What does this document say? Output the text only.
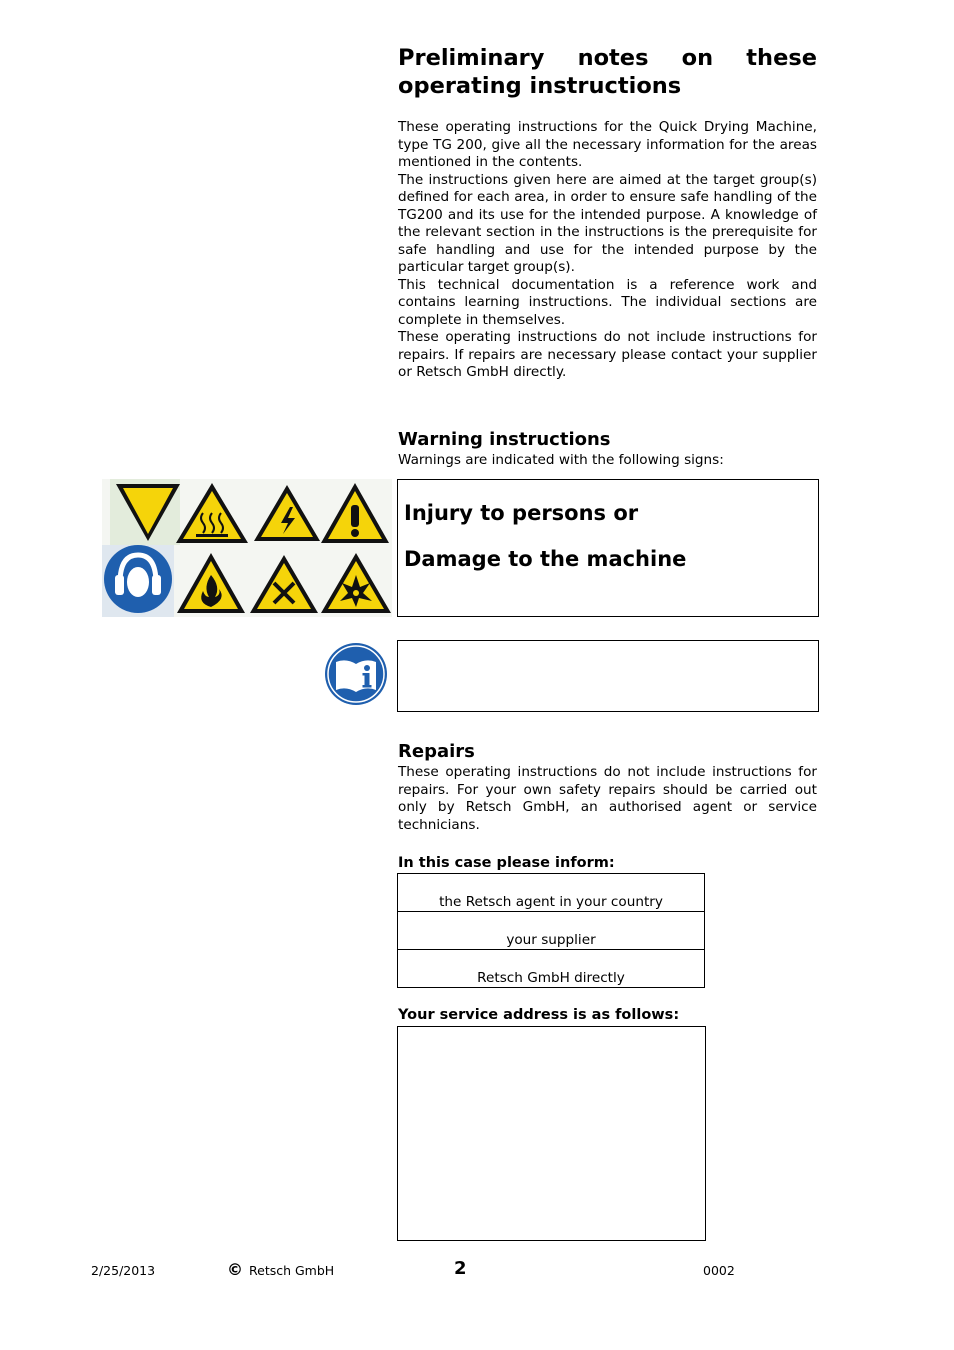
Preliminary notes on these
operating instructions

These operating instructions for the Quick Drying Machine, type TG 200, give all the necessary information for the areas mentioned in the contents.

The instructions given here are aimed at the target group(s) defined for each area, in order to ensure safe handling of the TG200 and its use for the intended purpose. A knowledge of the relevant section in the instructions is the prerequisite for safe handling and use for the intended purpose by the particular target group(s).

This technical documentation is a reference work and contains learning instructions. The individual sections are complete in themselves.

These operating instructions do not include instructions for repairs. If repairs are necessary please contact your supplier or Retsch GmbH directly.

Warning instructions
Warnings are indicated with the following signs:
Injury to persons or
Damage to the machine
Repairs
These operating instructions do not include instructions for repairs. For your own safety repairs should be carried out only by Retsch GmbH, an authorised agent or service technicians.
In this case please inform:
the Retsch agent in your country
your supplier
Retsch GmbH directly
Your service address is as follows:
2/25/2013	© Retsch GmbH	2	0002
